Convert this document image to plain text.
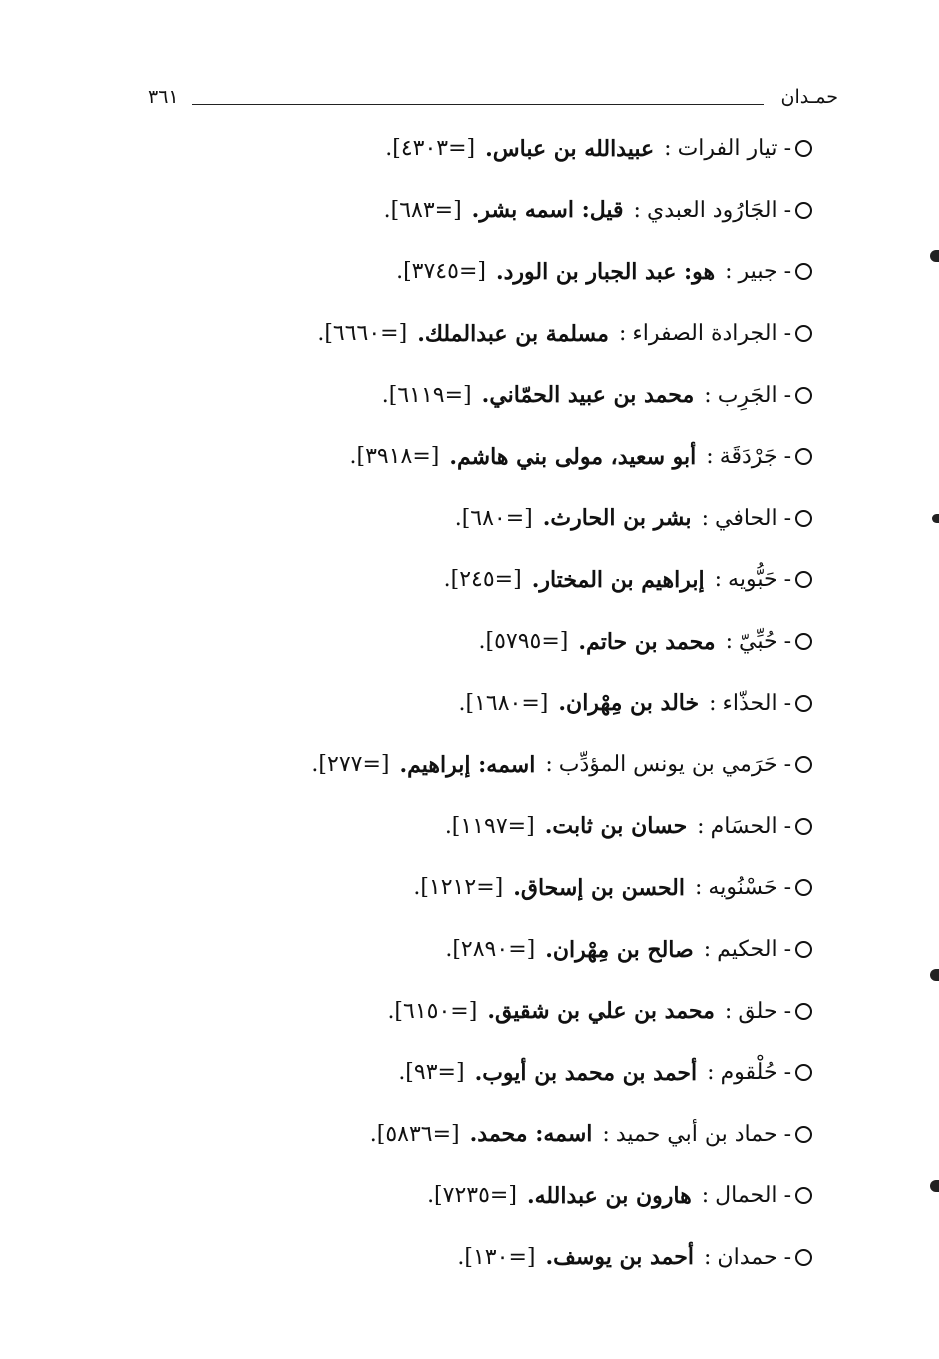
٣٦١	حمـدان
-
تيار الفرات
:
عبيدالله بن عباس.
[=٤٣٠٣].
-
الجَارُود العبدي
:
قيل: اسمه بشر.
[=٦٨٣].
-
جبير
:
هو: عبد الجبار بن الورد.
[=٣٧٤٥].
-
الجرادة الصفراء
:
مسلمة بن عبدالملك.
[=٦٦٦٠].
-
الجَرِب
:
محمد بن عبيد الحمّاني.
[=٦١١٩].
-
جَرْدَقَة
:
أبو سعيد، مولى بني هاشم.
[=٣٩١٨].
-
الحافي
:
بشر بن الحارث.
[=٦٨٠].
-
حَبُّويه
:
إبراهيم بن المختار.
[=٢٤٥].
-
حُبِّيّ
:
محمد بن حاتم.
[=٥٧٩٥].
-
الحذّاء
:
خالد بن مِهْران.
[=١٦٨٠].
-
حَرَمي بن يونس المؤدِّب
:
اسمه: إبراهيم.
[=٢٧٧].
-
الحسَام
:
حسان بن ثابت.
[=١١٩٧].
-
حَسْنُويه
:
الحسن بن إسحاق.
[=١٢١٢].
-
الحكيم
:
صالح بن مِهْران.
[=٢٨٩٠].
-
حلق
:
محمد بن علي بن شقيق.
[=٦١٥٠].
-
حُلْقوم
:
أحمد بن محمد بن أيوب.
[=٩٣].
-
حماد بن أبي حميد
:
اسمه: محمد.
[=٥٨٣٦].
-
الحمال
:
هارون بن عبدالله.
[=٧٢٣٥].
-
حمدان
:
أحمد بن يوسف.
[=١٣٠].
